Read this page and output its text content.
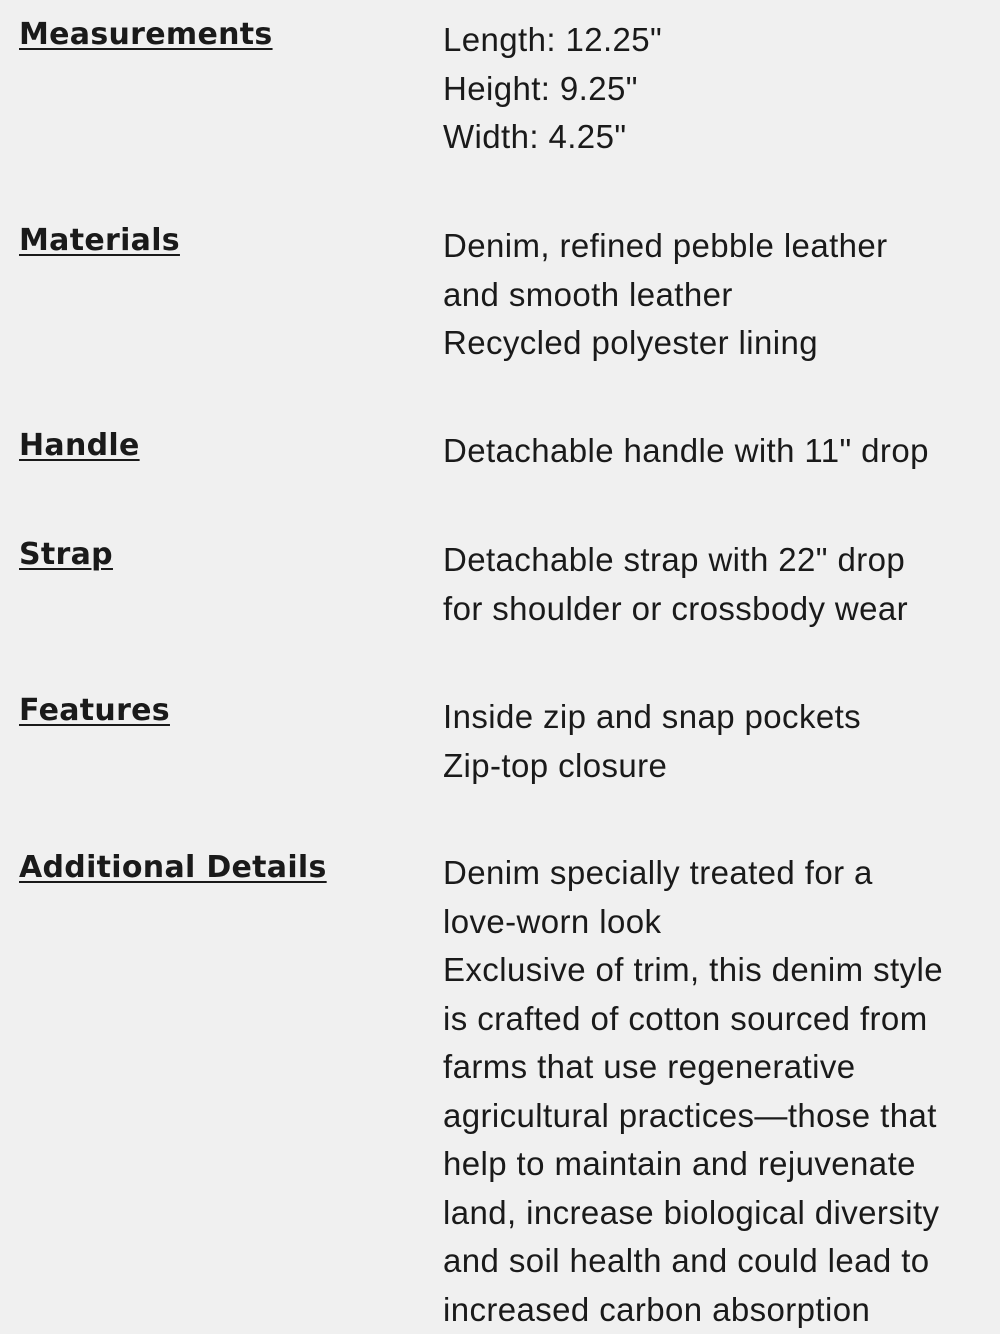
Measurements	Length: 12.25"
Height: 9.25"
Width: 4.25"
Materials	Denim, refined pebble leather
and smooth leather
Recycled polyester lining
Handle	Detachable handle with 11" drop
Strap	Detachable strap with 22" drop
for shoulder or crossbody wear
Features	Inside zip and snap pockets
Zip-top closure
Additional Details	Denim specially treated for a
love-worn look
Exclusive of trim, this denim style
is crafted of cotton sourced from
farms that use regenerative
agricultural practices—those that
help to maintain and rejuvenate
land, increase biological diversity
and soil health and could lead to
increased carbon absorption
